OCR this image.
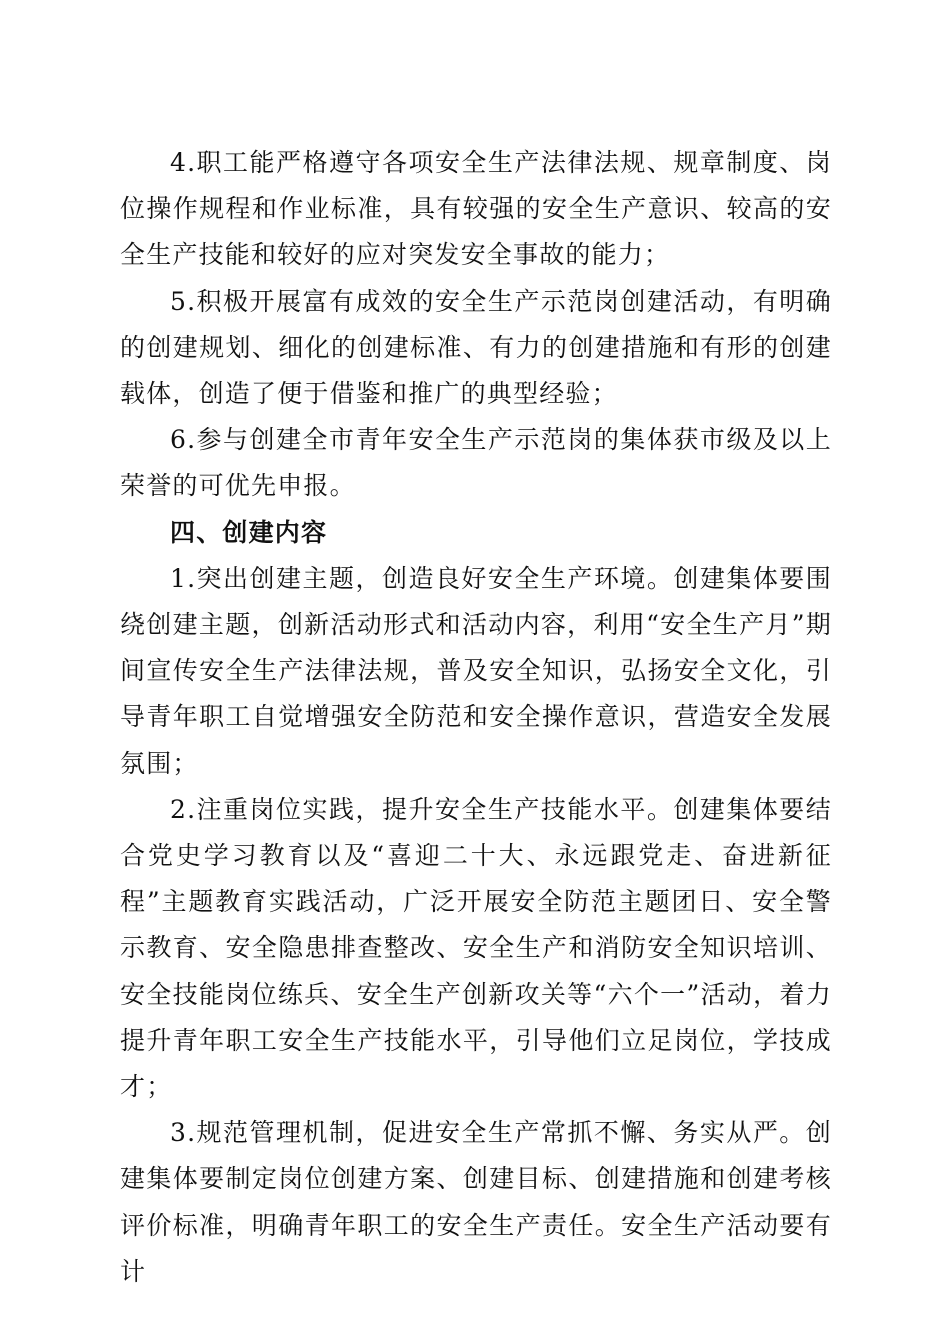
4.职工能严格遵守各项安全生产法律法规、规章制度、岗位操作规程和作业标准，具有较强的安全生产意识、较高的安全生产技能和较好的应对突发安全事故的能力；

5.积极开展富有成效的安全生产示范岗创建活动，有明确的创建规划、细化的创建标准、有力的创建措施和有形的创建载体，创造了便于借鉴和推广的典型经验；

6.参与创建全市青年安全生产示范岗的集体获市级及以上荣誉的可优先申报。

四、创建内容

1.突出创建主题，创造良好安全生产环境。创建集体要围绕创建主题，创新活动形式和活动内容，利用“安全生产月”期间宣传安全生产法律法规，普及安全知识，弘扬安全文化，引导青年职工自觉增强安全防范和安全操作意识，营造安全发展氛围；

2.注重岗位实践，提升安全生产技能水平。创建集体要结合党史学习教育以及“喜迎二十大、永远跟党走、奋进新征程”主题教育实践活动，广泛开展安全防范主题团日、安全警示教育、安全隐患排查整改、安全生产和消防安全知识培训、安全技能岗位练兵、安全生产创新攻关等“六个一”活动，着力提升青年职工安全生产技能水平，引导他们立足岗位，学技成才；

3.规范管理机制，促进安全生产常抓不懈、务实从严。创建集体要制定岗位创建方案、创建目标、创建措施和创建考核评价标准，明确青年职工的安全生产责任。安全生产活动要有计
